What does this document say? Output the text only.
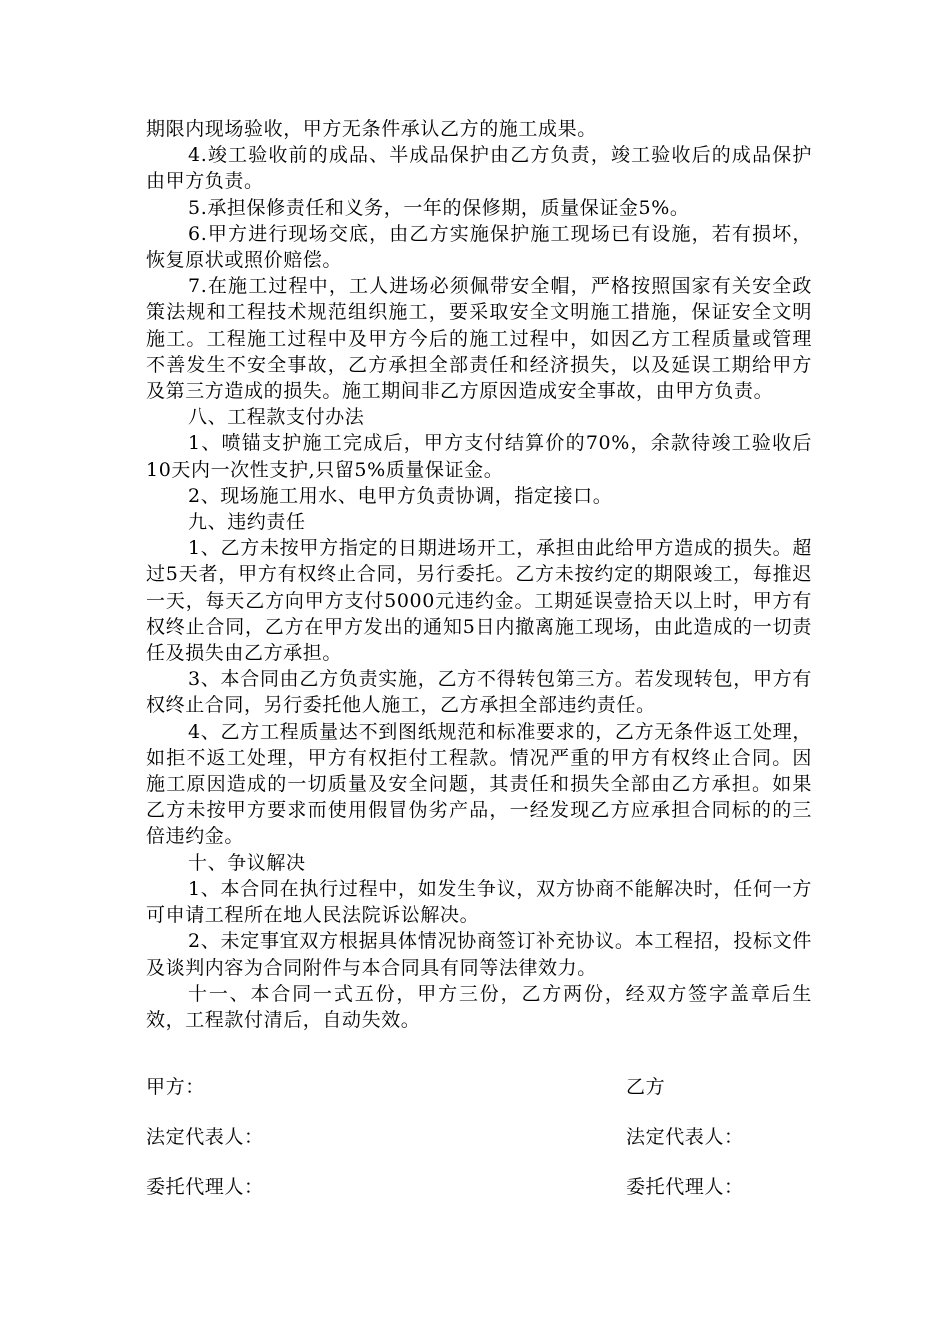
期限内现场验收，甲方无条件承认乙方的施工成果。

4.竣工验收前的成品、半成品保护由乙方负责，竣工验收后的成品保护由甲方负责。

5.承担保修责任和义务，一年的保修期，质量保证金5%。

6.甲方进行现场交底，由乙方实施保护施工现场已有设施，若有损坏，恢复原状或照价赔偿。

7.在施工过程中，工人进场必须佩带安全帽，严格按照国家有关安全政策法规和工程技术规范组织施工，要采取安全文明施工措施，保证安全文明施工。工程施工过程中及甲方今后的施工过程中，如因乙方工程质量或管理不善发生不安全事故，乙方承担全部责任和经济损失，以及延误工期给甲方及第三方造成的损失。施工期间非乙方原因造成安全事故，由甲方负责。

八、工程款支付办法

1、喷锚支护施工完成后，甲方支付结算价的70%，余款待竣工验收后10天内一次性支护,只留5%质量保证金。

2、现场施工用水、电甲方负责协调，指定接口。

九、违约责任

1、乙方未按甲方指定的日期进场开工，承担由此给甲方造成的损失。超过5天者，甲方有权终止合同，另行委托。乙方未按约定的期限竣工，每推迟一天，每天乙方向甲方支付5000元违约金。工期延误壹拾天以上时，甲方有权终止合同，乙方在甲方发出的通知5日内撤离施工现场，由此造成的一切责任及损失由乙方承担。

3、本合同由乙方负责实施，乙方不得转包第三方。若发现转包，甲方有权终止合同，另行委托他人施工，乙方承担全部违约责任。

4、乙方工程质量达不到图纸规范和标准要求的，乙方无条件返工处理，如拒不返工处理，甲方有权拒付工程款。情况严重的甲方有权终止合同。因施工原因造成的一切质量及安全问题，其责任和损失全部由乙方承担。如果乙方未按甲方要求而使用假冒伪劣产品，一经发现乙方应承担合同标的的三倍违约金。

十、争议解决

1、本合同在执行过程中，如发生争议，双方协商不能解决时，任何一方可申请工程所在地人民法院诉讼解决。

2、未定事宜双方根据具体情况协商签订补充协议。本工程招，投标文件及谈判内容为合同附件与本合同具有同等法律效力。

十一、本合同一式五份，甲方三份，乙方两份，经双方签字盖章后生效，工程款付清后，自动失效。

甲方：	乙方
法定代表人：	法定代表人：
委托代理人：	委托代理人：
